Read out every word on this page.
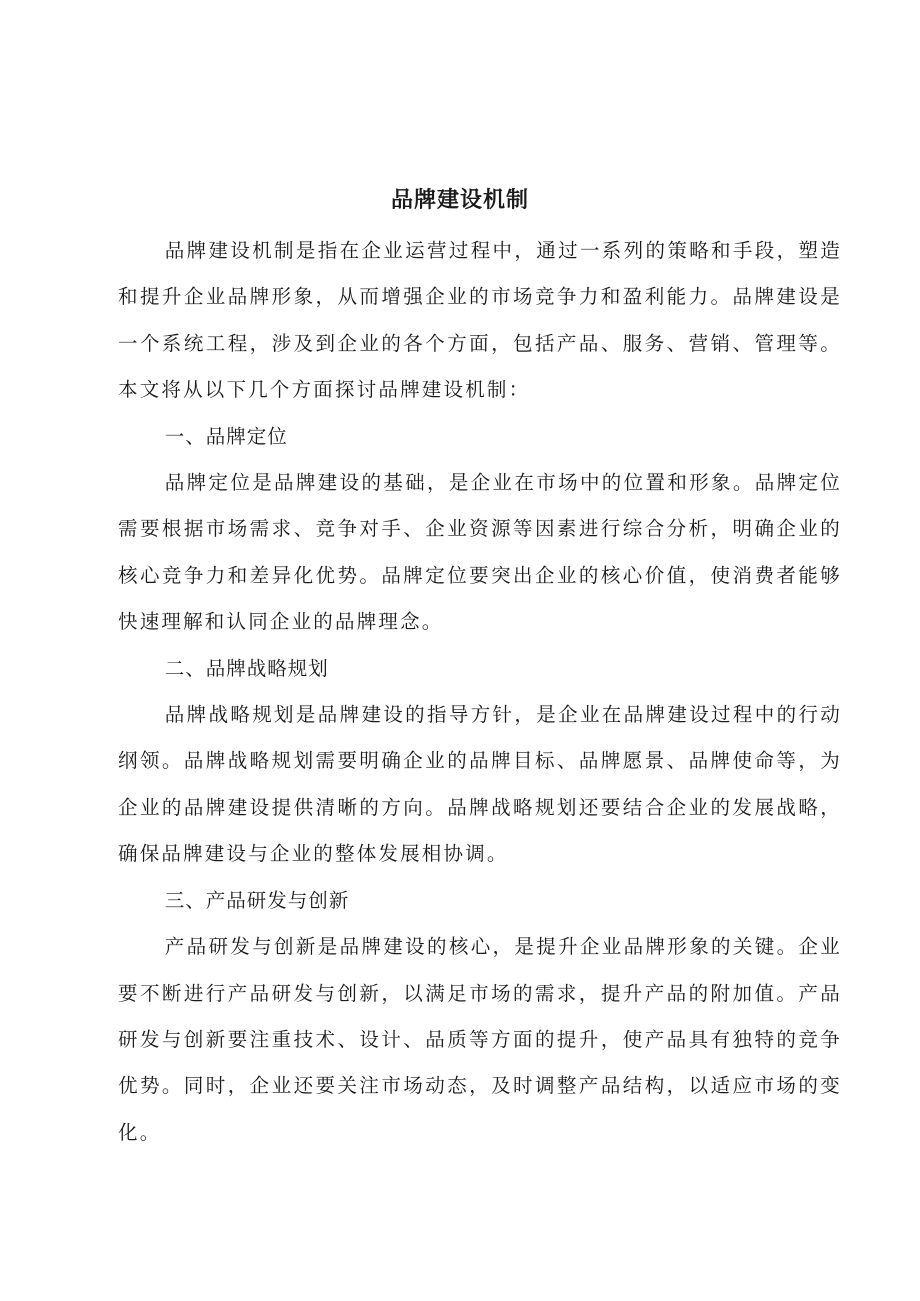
品牌建设机制

品牌建设机制是指在企业运营过程中，通过一系列的策略和手段，塑造和提升企业品牌形象，从而增强企业的市场竞争力和盈利能力。品牌建设是一个系统工程，涉及到企业的各个方面，包括产品、服务、营销、管理等。本文将从以下几个方面探讨品牌建设机制：

一、品牌定位

品牌定位是品牌建设的基础，是企业在市场中的位置和形象。品牌定位需要根据市场需求、竞争对手、企业资源等因素进行综合分析，明确企业的核心竞争力和差异化优势。品牌定位要突出企业的核心价值，使消费者能够快速理解和认同企业的品牌理念。

二、品牌战略规划

品牌战略规划是品牌建设的指导方针，是企业在品牌建设过程中的行动纲领。品牌战略规划需要明确企业的品牌目标、品牌愿景、品牌使命等，为企业的品牌建设提供清晰的方向。品牌战略规划还要结合企业的发展战略，确保品牌建设与企业的整体发展相协调。

三、产品研发与创新

产品研发与创新是品牌建设的核心，是提升企业品牌形象的关键。企业要不断进行产品研发与创新，以满足市场的需求，提升产品的附加值。产品研发与创新要注重技术、设计、品质等方面的提升，使产品具有独特的竞争优势。同时，企业还要关注市场动态，及时调整产品结构，以适应市场的变化。
